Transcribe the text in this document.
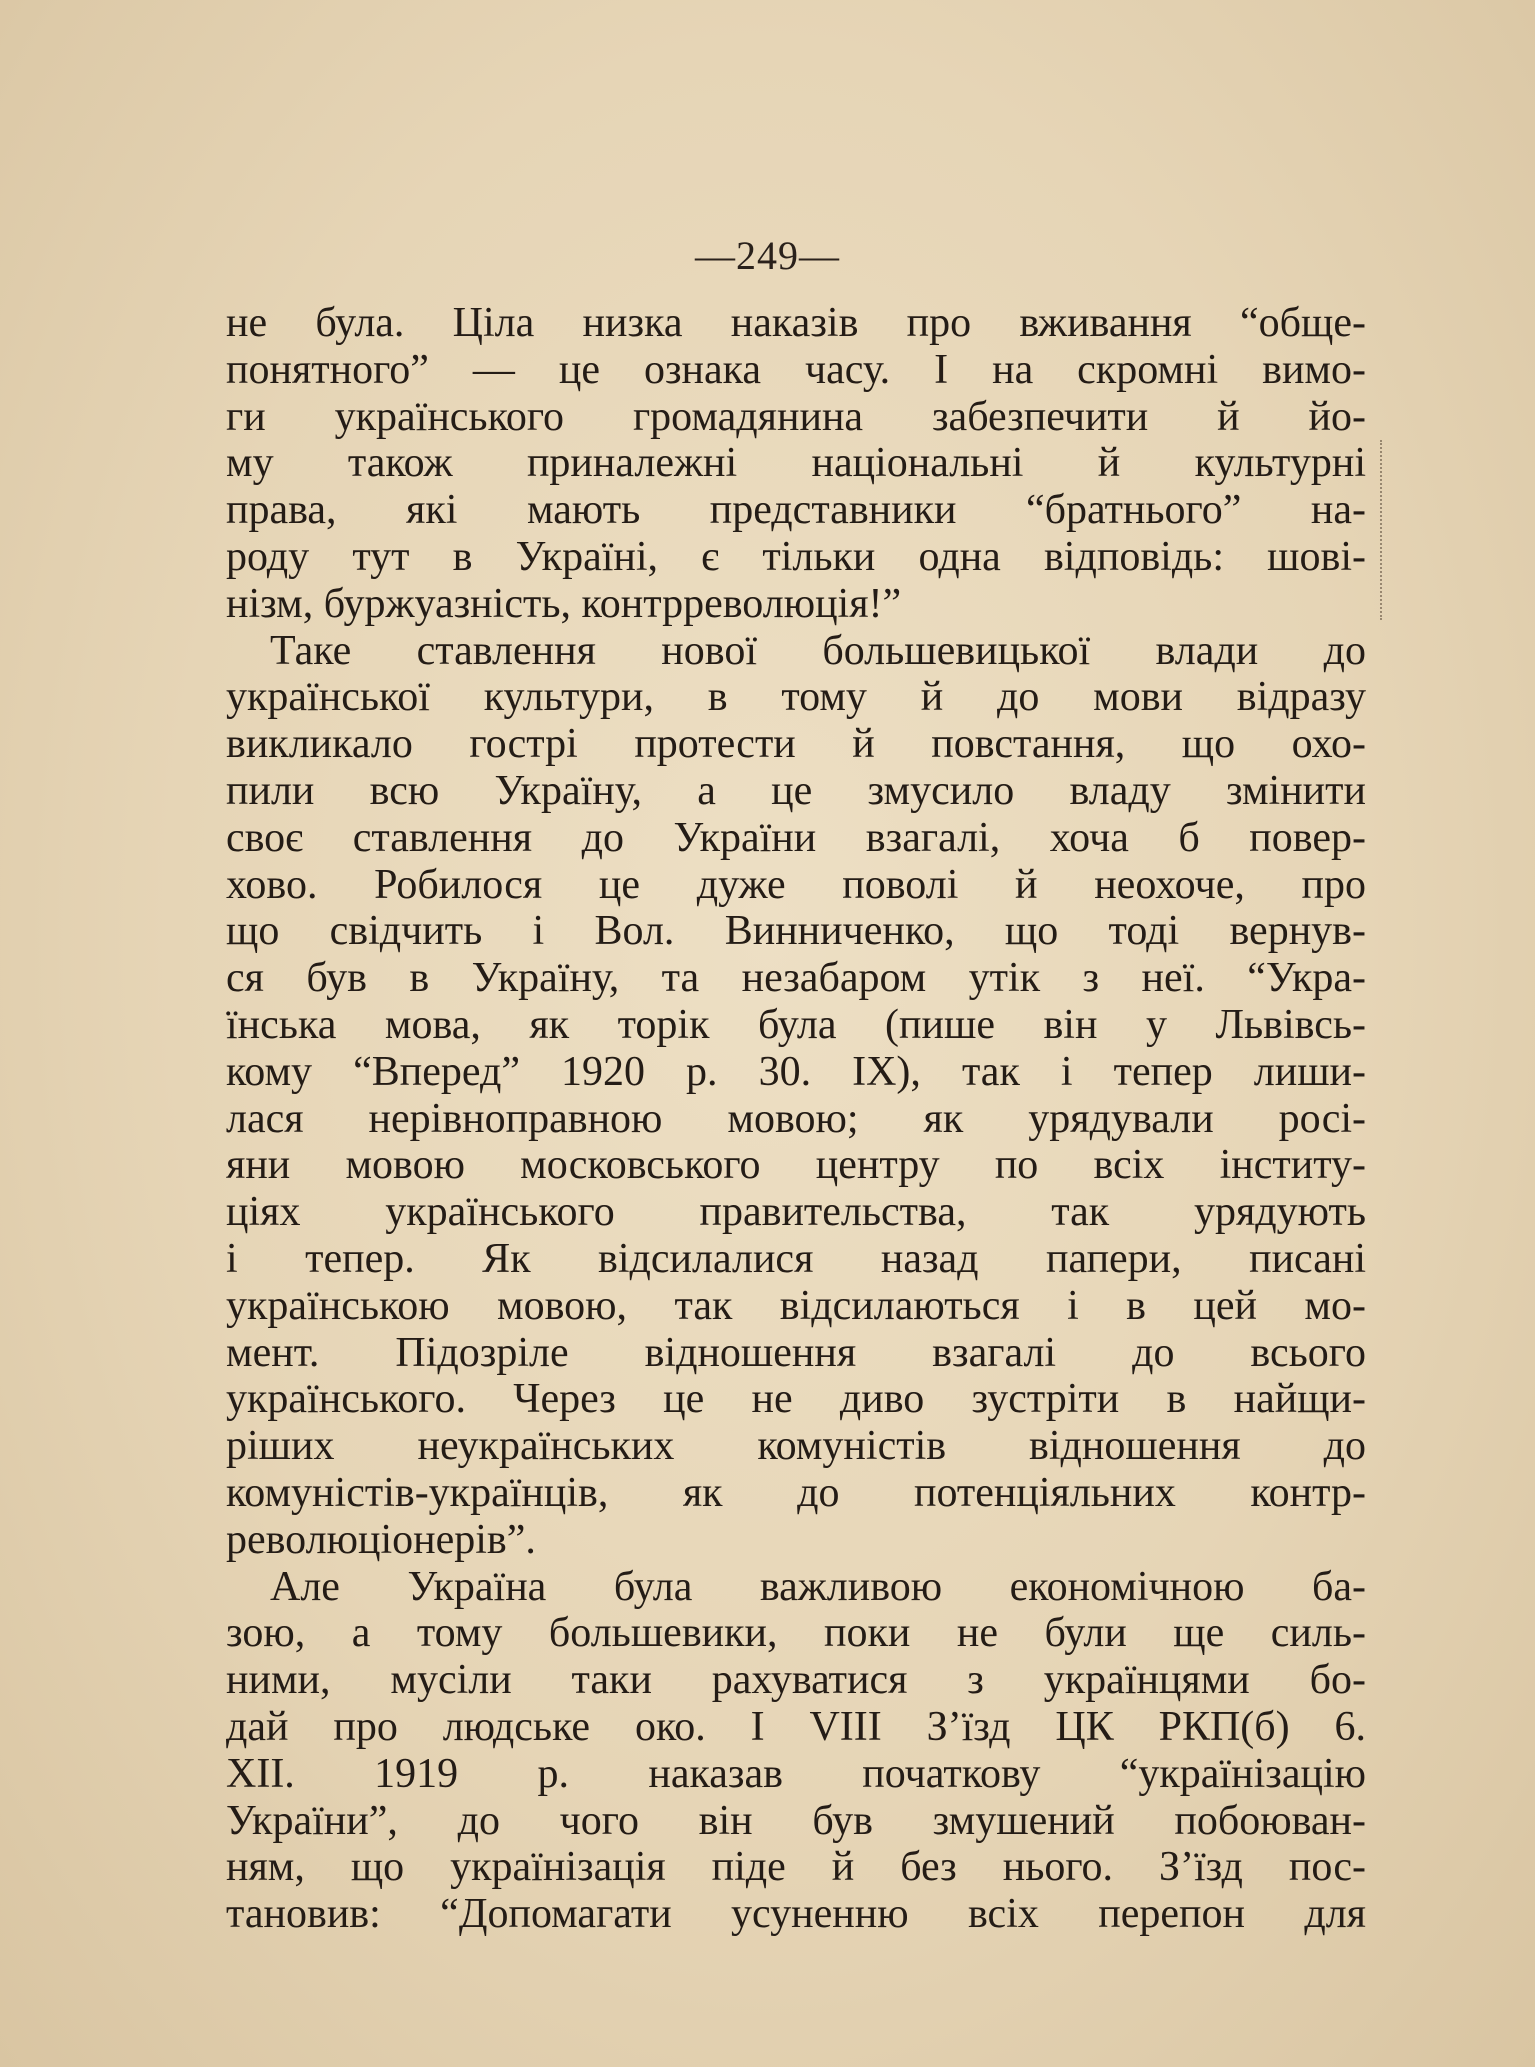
—249—
не була. Ціла низка наказів про вживання “обще-
понятного” — це ознака часу. І на скромні вимо-
ги українського громадянина забезпечити й йо-
му також приналежні національні й культурні
права, які мають представники “братнього” на-
роду тут в Україні, є тільки одна відповідь: шові-
нізм, буржуазність, контрреволюція!”
Таке ставлення нової большевицької влади до
української культури, в тому й до мови відразу
викликало гострі протести й повстання, що охо-
пили всю Україну, а це змусило владу змінити
своє ставлення до України взагалі, хоча б повер-
хово. Робилося це дуже поволі й неохоче, про
що свідчить і Вол. Винниченко, що тоді вернув-
ся був в Україну, та незабаром утік з неї. “Укра-
їнська мова, як торік була (пише він у Львівсь-
кому “Вперед” 1920 р. 30. IX), так і тепер лиши-
лася нерівноправною мовою; як урядували росі-
яни мовою московського центру по всіх інститу-
ціях українського правительства, так урядують
і тепер. Як відсилалися назад папери, писані
українською мовою, так відсилаються і в цей мо-
мент. Підозріле відношення взагалі до всього
українського. Через це не диво зустріти в найщи-
ріших неукраїнських комуністів відношення до
комуністів-українців, як до потенціяльних контр-
революціонерів”.
Але Україна була важливою економічною ба-
зою, а тому большевики, поки не були ще силь-
ними, мусіли таки рахуватися з українцями бо-
дай про людське око. І VIII З’їзд ЦК РКП(б) 6.
XII. 1919 р. наказав початкову “українізацію
України”, до чого він був змушений побоюван-
ням, що українізація піде й без нього. З’їзд пос-
тановив: “Допомагати усуненню всіх перепон для
